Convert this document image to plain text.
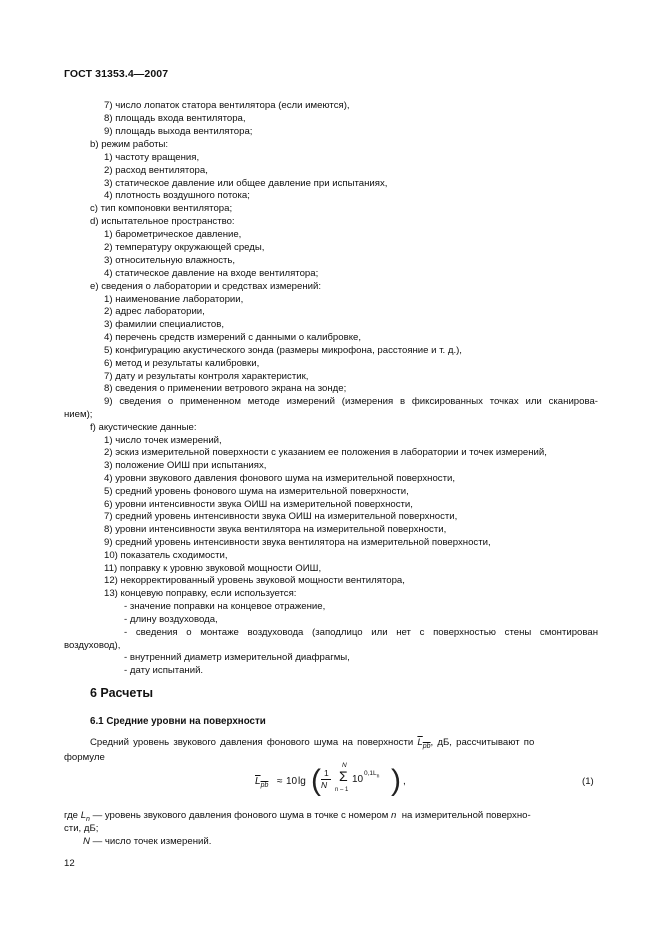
ГОСТ 31353.4—2007
7) число лопаток статора вентилятора (если имеются),
8) площадь входа вентилятора,
9) площадь выхода вентилятора;
b) режим работы:
1) частоту вращения,
2) расход вентилятора,
3) статическое давление или общее давление при испытаниях,
4) плотность воздушного потока;
c) тип компоновки вентилятора;
d) испытательное пространство:
1) барометрическое давление,
2) температуру окружающей среды,
3) относительную влажность,
4) статическое давление на входе вентилятора;
e) сведения о лаборатории и средствах измерений:
1) наименование лаборатории,
2) адрес лаборатории,
3) фамилии специалистов,
4) перечень средств измерений с данными о калибровке,
5) конфигурацию акустического зонда (размеры микрофона, расстояние и т. д.),
6) метод и результаты калибровки,
7) дату и результаты контроля характеристик,
8) сведения о применении ветрового экрана на зонде;
9) сведения о примененном методе измерений (измерения в фиксированных точках или сканирова-
нием);
f) акустические данные:
1) число точек измерений,
2) эскиз измерительной поверхности с указанием ее положения в лаборатории и точек измерений,
3) положение ОИШ при испытаниях,
4) уровни звукового давления фонового шума на измерительной поверхности,
5) средний уровень фонового шума на измерительной поверхности,
6) уровни интенсивности звука ОИШ на измерительной поверхности,
7) средний уровень интенсивности звука ОИШ на измерительной поверхности,
8) уровни интенсивности звука вентилятора на измерительной поверхности,
9) средний уровень интенсивности звука вентилятора на измерительной поверхности,
10) показатель сходимости,
11) поправку к уровню звуковой мощности ОИШ,
12) некорректированный уровень звуковой мощности вентилятора,
13) концевую поправку, если используется:
- значение поправки на концевое отражение,
- длину воздуховода,
- сведения о монтаже воздуховода (заподлицо или нет с поверхностью стены смонтирован
воздуховод),
- внутренний диаметр измерительной диафрагмы,
- дату испытаний.
6 Расчеты
6.1 Средние уровни на поверхности
Средний уровень звукового давления фонового шума на поверхности $L_{pb}$, дБ, рассчитывают по
формуле
$L_{pb} \approx 10$ lg ( 1
N
N
Σ
n – 1
10
$0,1L_n$ ) ,	(1)
где $L_n$ — уровень звукового давления фонового шума в точке с номером n на измерительной поверхно-
сти, дБ;
N — число точек измерений.
12
